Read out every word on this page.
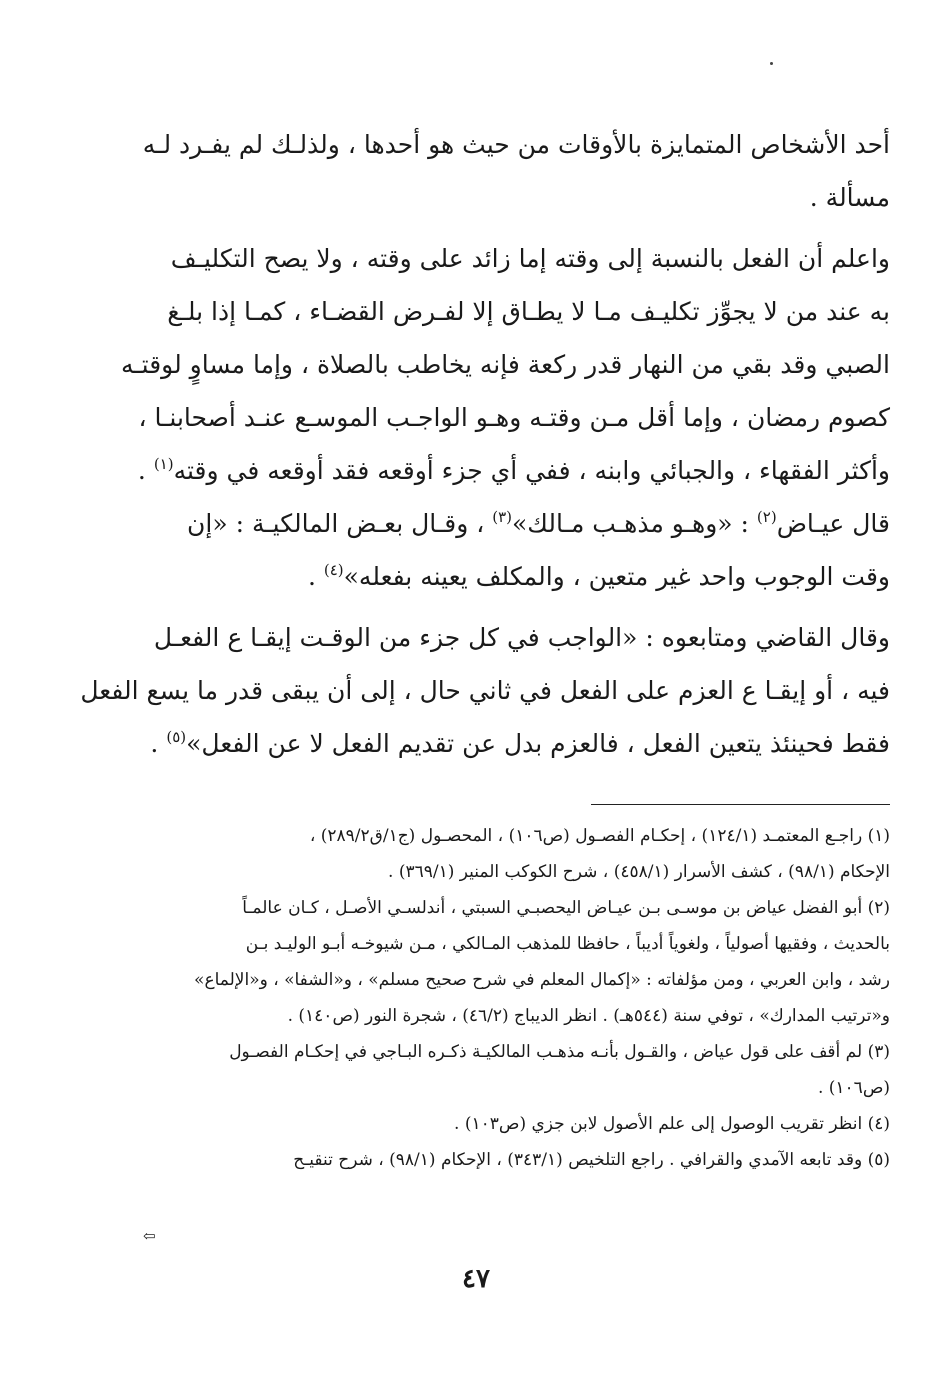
أحد الأشخاص المتمايزة بالأوقات من حيث هو أحدها ، ولذلـك لم يفـرد لـه
مسألة .

واعلم أن الفعل بالنسبة إلى وقته إما زائد على وقته ، ولا يصح التكليـف
به عند من لا يجوِّز تكليـف مـا لا يطـاق إلا لفـرض القضـاء ، كمـا إذا بلـغ
الصبي وقد بقي من النهار قدر ركعة فإنه يخاطب بالصلاة ، وإما مساوٍ لوقتـه
كصوم رمضان ، وإما أقل مـن وقتـه وهـو الواجـب الموسـع عنـد أصحابنـا ،
وأكثر الفقهاء ، والجبائي وابنه ، ففي أي جزء أوقعه فقد أوقعه في وقته$^{(١)}$ .

قال عيـاض$^{(٢)}$ : «وهـو مذهـب مـالك»$^{(٣)}$ ، وقـال بعـض المالكيـة : «إن
وقت الوجوب واحد غير متعين ، والمكلف يعينه بفعله»$^{(٤)}$ .

وقال القاضي ومتابعوه : «الواجب في كل جزء من الوقـت إيقـا ع الفعـل
فيه ، أو إيقـا ع العزم على الفعل في ثاني حال ، إلى أن يبقى قدر ما يسع الفعل
فقط فحينئذ يتعين الفعل ، فالعزم بدل عن تقديم الفعل لا عن الفعل»$^{(٥)}$ .

(١) راجـع المعتمـد (١٢٤/١) ، إحكـام الفصـول (ص١٠٦) ، المحصـول (ج١/ق٢٨٩/٢) ،
الإحكام (٩٨/١) ، كشف الأسرار (٤٥٨/١) ، شرح الكوكب المنير (٣٦٩/١) .

(٢) أبو الفضل عياض بن موسـى بـن عيـاض اليحصبـي السبتي ، أندلسـي الأصـل ، كـان عالمـاً
بالحديث ، وفقيها أصولياً ، ولغوياً أديباً ، حافظا للمذهب المـالكي ، مـن شيوخـه أبـو الوليـد بـن
رشد ، وابن العربي ، ومن مؤلفاته : «إكمال المعلم في شرح صحيح مسلم» ، و«الشفا» ، و«الإلماع»
و«ترتيب المدارك» ، توفي سنة (٥٤٤هـ) . انظر الديباج (٤٦/٢) ، شجرة النور (ص١٤٠) .

(٣) لم أقف على قول عياض ، والقـول بأنـه مذهـب المالكيـة ذكـره البـاجي في إحكـام الفصـول
(ص١٠٦) .

(٤) انظر تقريب الوصول إلى علم الأصول لابن جزي (ص١٠٣) .

(٥) وقد تابعه الآمدي والقرافي . راجع التلخيص (٣٤٣/١) ، الإحكام (٩٨/١) ، شرح تنقيـح

⇦
٤٧
